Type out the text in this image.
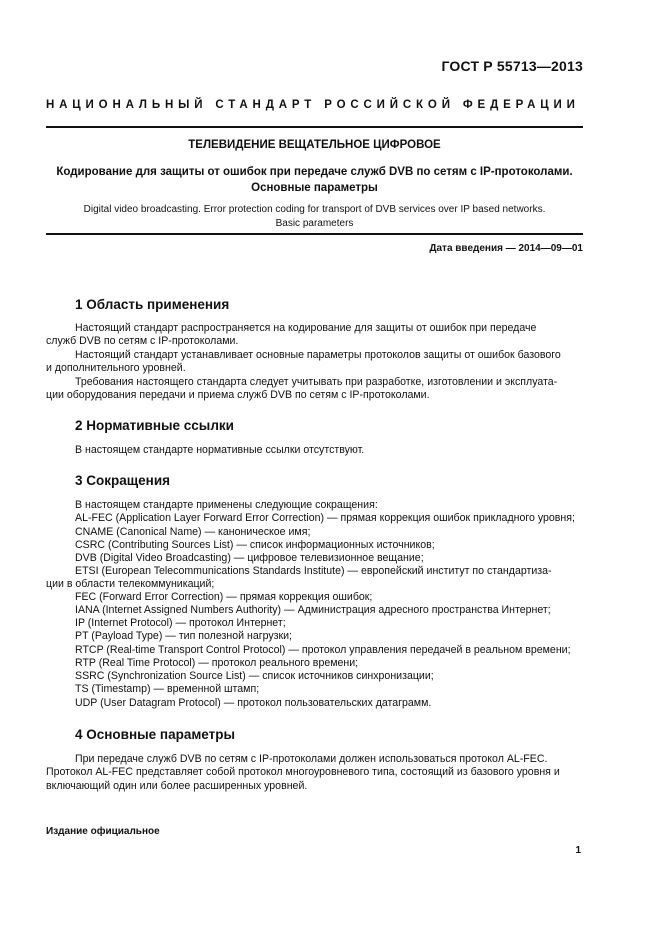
ГОСТ Р 55713—2013
НАЦИОНАЛЬНЫЙ СТАНДАРТ РОССИЙСКОЙ ФЕДЕРАЦИИ
ТЕЛЕВИДЕНИЕ ВЕЩАТЕЛЬНОЕ ЦИФРОВОЕ
Кодирование для защиты от ошибок при передаче служб DVB по сетям с IP-протоколами.
Основные параметры
Digital video broadcasting. Error protection coding for transport of DVB services over IP based networks.
Basic parameters
Дата введения — 2014—09—01
1 Область применения
Настоящий стандарт распространяется на кодирование для защиты от ошибок при передаче
служб DVB по сетям с IP-протоколами.
Настоящий стандарт устанавливает основные параметры протоколов защиты от ошибок базового
и дополнительного уровней.
Требования настоящего стандарта следует учитывать при разработке, изготовлении и эксплуата-
ции оборудования передачи и приема служб DVB по сетям с IP-протоколами.
2 Нормативные ссылки
В настоящем стандарте нормативные ссылки отсутствуют.
3 Сокращения
В настоящем стандарте применены следующие сокращения:
AL-FEC (Application Layer Forward Error Correction) — прямая коррекция ошибок прикладного уровня;
CNAME (Canonical Name) — каноническое имя;
CSRC (Contributing Sources List) — список информационных источников;
DVB (Digital Video Broadcasting) — цифровое телевизионное вещание;
ETSI (European Telecommunications Standards Institute) — европейский институт по стандартиза-
ции в области телекоммуникаций;
FEC (Forward Error Correction) — прямая коррекция ошибок;
IANA (Internet Assigned Numbers Authority) — Администрация адресного пространства Интернет;
IP (Internet Protocol) — протокол Интернет;
PT (Payload Type) — тип полезной нагрузки;
RTCP (Real-time Transport Control Protocol) — протокол управления передачей в реальном времени;
RTP (Real Time Protocol) — протокол реального времени;
SSRC (Synchronization Source List) — список источников синхронизации;
TS (Timestamp) — временной штамп;
UDP (User Datagram Protocol) — протокол пользовательских датаграмм.
4 Основные параметры
При передаче служб DVB по сетям с IP-протоколами должен использоваться протокол AL-FEC.
Протокол AL-FEC представляет собой протокол многоуровневого типа, состоящий из базового уровня и
включающий один или более расширенных уровней.
Издание официальное
1
